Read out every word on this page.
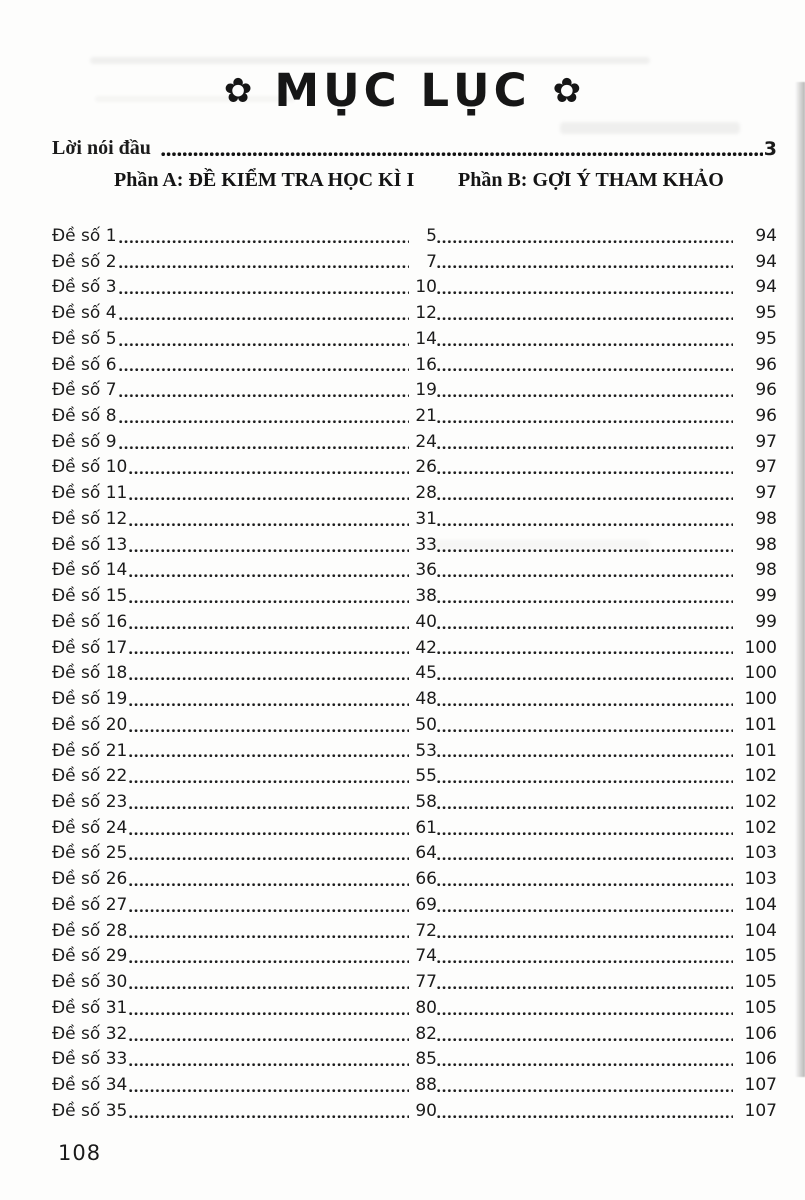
✿ MỤC LỤC ✿
Lời nói đầu	3
Phần A: ĐỀ KIỂM TRA HỌC KÌ I Phần B: GỢI Ý THAM KHẢO
Đề số 1	5	94
Đề số 2	7	94
Đề số 3	10	94
Đề số 4	12	95
Đề số 5	14	95
Đề số 6	16	96
Đề số 7	19	96
Đề số 8	21	96
Đề số 9	24	97
Đề số 10	26	97
Đề số 11	28	97
Đề số 12	31	98
Đề số 13	33	98
Đề số 14	36	98
Đề số 15	38	99
Đề số 16	40	99
Đề số 17	42	100
Đề số 18	45	100
Đề số 19	48	100
Đề số 20	50	101
Đề số 21	53	101
Đề số 22	55	102
Đề số 23	58	102
Đề số 24	61	102
Đề số 25	64	103
Đề số 26	66	103
Đề số 27	69	104
Đề số 28	72	104
Đề số 29	74	105
Đề số 30	77	105
Đề số 31	80	105
Đề số 32	82	106
Đề số 33	85	106
Đề số 34	88	107
Đề số 35	90	107
108
